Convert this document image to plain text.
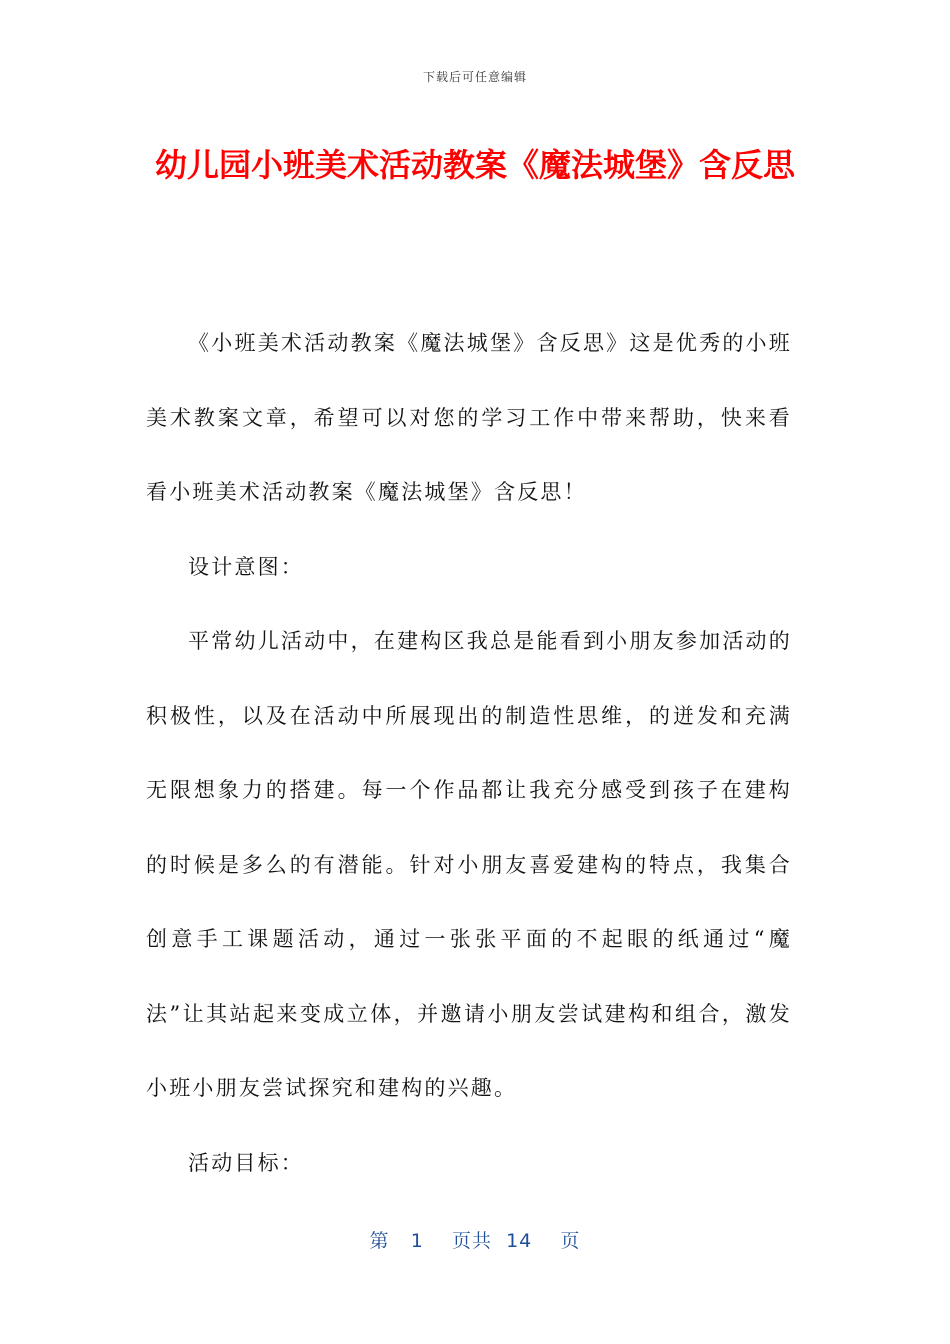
下载后可任意编辑
幼儿园小班美术活动教案《魔法城堡》含反思

《小班美术活动教案《魔法城堡》含反思》这是优秀的小班美术教案文章，希望可以对您的学习工作中带来帮助，快来看看小班美术活动教案《魔法城堡》含反思！

设计意图：

平常幼儿活动中，在建构区我总是能看到小朋友参加活动的积极性，以及在活动中所展现出的制造性思维，的迸发和充满无限想象力的搭建。每一个作品都让我充分感受到孩子在建构的时候是多么的有潜能。针对小朋友喜爱建构的特点，我集合创意手工课题活动，通过一张张平面的不起眼的纸通过“魔法”让其站起来变成立体，并邀请小朋友尝试建构和组合，激发小班小朋友尝试探究和建构的兴趣。

活动目标：

第 1 页共 14 页
